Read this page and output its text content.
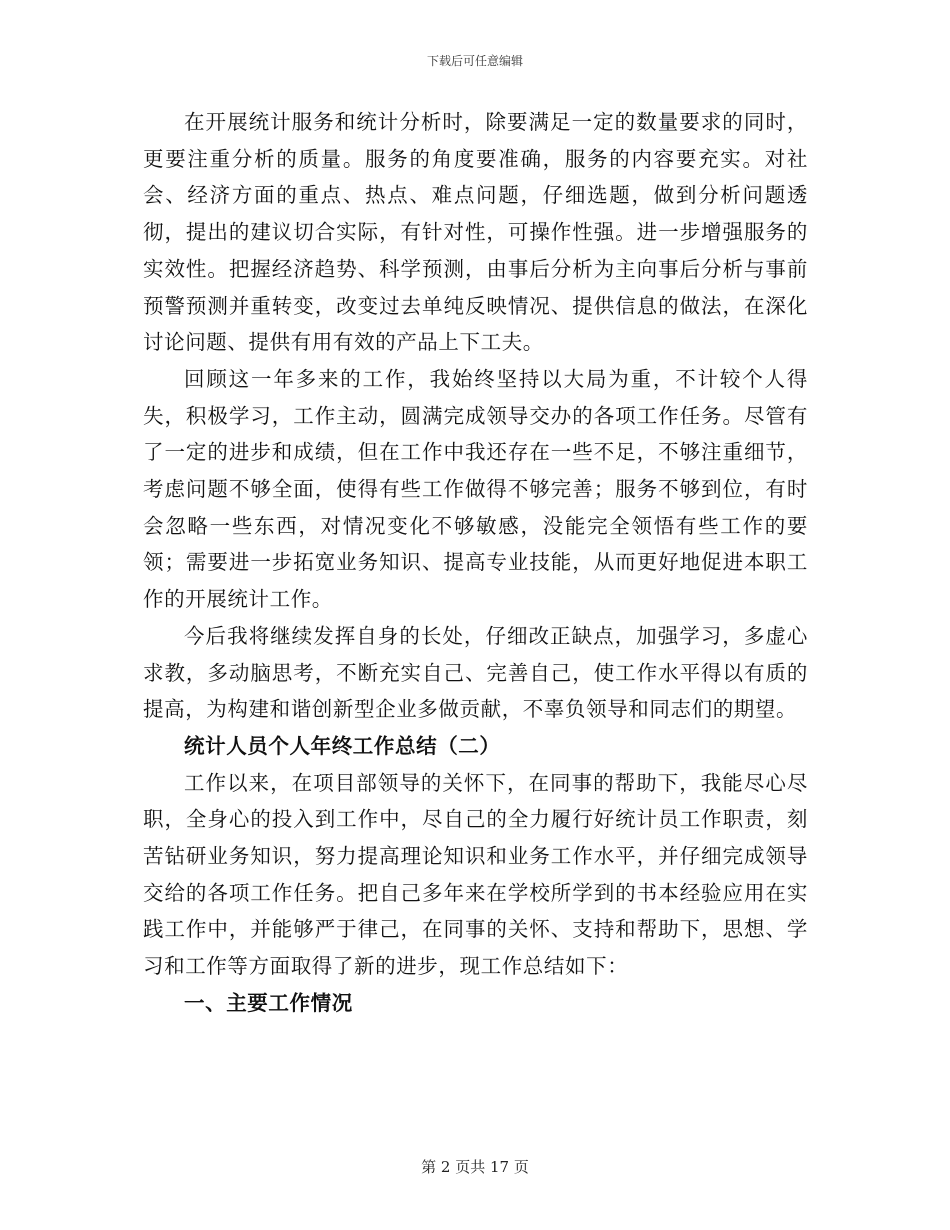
下载后可任意编辑

在开展统计服务和统计分析时，除要满足一定的数量要求的同时，更要注重分析的质量。服务的角度要准确，服务的内容要充实。对社会、经济方面的重点、热点、难点问题，仔细选题，做到分析问题透彻，提出的建议切合实际，有针对性，可操作性强。进一步增强服务的实效性。把握经济趋势、科学预测，由事后分析为主向事后分析与事前预警预测并重转变，改变过去单纯反映情况、提供信息的做法，在深化讨论问题、提供有用有效的产品上下工夫。

回顾这一年多来的工作，我始终坚持以大局为重，不计较个人得失，积极学习，工作主动，圆满完成领导交办的各项工作任务。尽管有了一定的进步和成绩，但在工作中我还存在一些不足，不够注重细节，考虑问题不够全面，使得有些工作做得不够完善；服务不够到位，有时会忽略一些东西，对情况变化不够敏感，没能完全领悟有些工作的要领；需要进一步拓宽业务知识、提高专业技能，从而更好地促进本职工作的开展统计工作。

今后我将继续发挥自身的长处，仔细改正缺点，加强学习，多虚心求教，多动脑思考，不断充实自己、完善自己，使工作水平得以有质的提高，为构建和谐创新型企业多做贡献，不辜负领导和同志们的期望。

统计人员个人年终工作总结（二）

工作以来，在项目部领导的关怀下，在同事的帮助下，我能尽心尽职，全身心的投入到工作中，尽自己的全力履行好统计员工作职责，刻苦钻研业务知识，努力提高理论知识和业务工作水平，并仔细完成领导交给的各项工作任务。把自己多年来在学校所学到的书本经验应用在实践工作中，并能够严于律己，在同事的关怀、支持和帮助下，思想、学习和工作等方面取得了新的进步，现工作总结如下：

一、主要工作情况

第 2 页共 17 页
